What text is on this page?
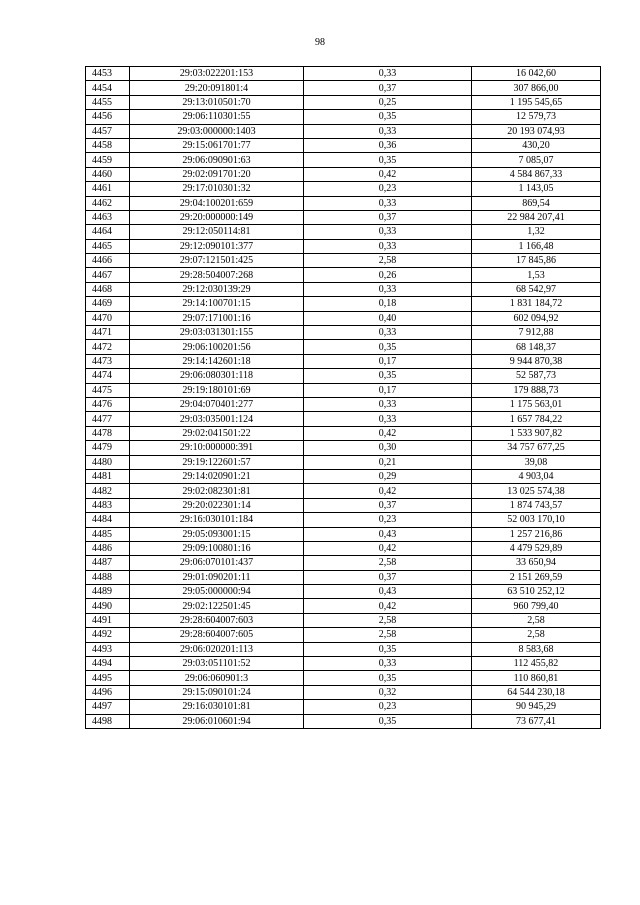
98
4453	29:03:022201:153	0,33	16 042,60
4454	29:20:091801:4	0,37	307 866,00
4455	29:13:010501:70	0,25	1 195 545,65
4456	29:06:110301:55	0,35	12 579,73
4457	29:03:000000:1403	0,33	20 193 074,93
4458	29:15:061701:77	0,36	430,20
4459	29:06:090901:63	0,35	7 085,07
4460	29:02:091701:20	0,42	4 584 867,33
4461	29:17:010301:32	0,23	1 143,05
4462	29:04:100201:659	0,33	869,54
4463	29:20:000000:149	0,37	22 984 207,41
4464	29:12:050114:81	0,33	1,32
4465	29:12:090101:377	0,33	1 166,48
4466	29:07:121501:425	2,58	17 845,86
4467	29:28:504007:268	0,26	1,53
4468	29:12:030139:29	0,33	68 542,97
4469	29:14:100701:15	0,18	1 831 184,72
4470	29:07:171001:16	0,40	602 094,92
4471	29:03:031301:155	0,33	7 912,88
4472	29:06:100201:56	0,35	68 148,37
4473	29:14:142601:18	0,17	9 944 870,38
4474	29:06:080301:118	0,35	52 587,73
4475	29:19:180101:69	0,17	179 888,73
4476	29:04:070401:277	0,33	1 175 563,01
4477	29:03:035001:124	0,33	1 657 784,22
4478	29:02:041501:22	0,42	1 533 907,82
4479	29:10:000000:391	0,30	34 757 677,25
4480	29:19:122601:57	0,21	39,08
4481	29:14:020901:21	0,29	4 903,04
4482	29:02:082301:81	0,42	13 025 574,38
4483	29:20:022301:14	0,37	1 874 743,57
4484	29:16:030101:184	0,23	52 003 170,10
4485	29:05:093001:15	0,43	1 257 216,86
4486	29:09:100801:16	0,42	4 479 529,89
4487	29:06:070101:437	2,58	33 650,94
4488	29:01:090201:11	0,37	2 151 269,59
4489	29:05:000000:94	0,43	63 510 252,12
4490	29:02:122501:45	0,42	960 799,40
4491	29:28:604007:603	2,58	2,58
4492	29:28:604007:605	2,58	2,58
4493	29:06:020201:113	0,35	8 583,68
4494	29:03:051101:52	0,33	112 455,82
4495	29:06:060901:3	0,35	110 860,81
4496	29:15:090101:24	0,32	64 544 230,18
4497	29:16:030101:81	0,23	90 945,29
4498	29:06:010601:94	0,35	73 677,41
